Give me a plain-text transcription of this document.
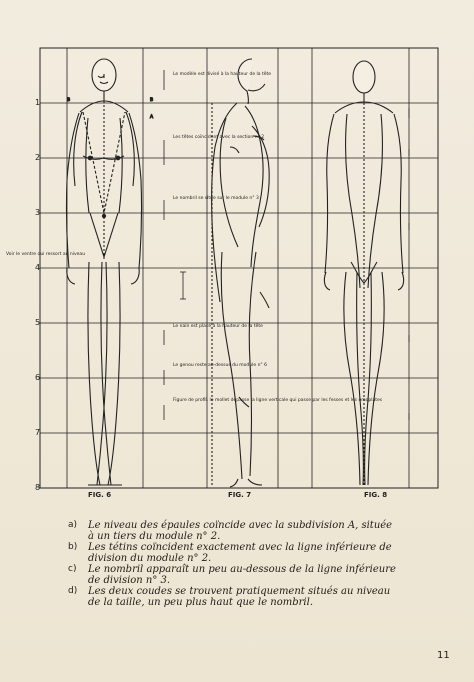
1
2
3
4
5
6
7
8
B	B
A
Le modèle est divisé à la hauteur de la tête
Les têtes coïncident avec la section n° 2
Le nombril se situe sur le module n° 3
Le nain est placé à la hauteur de la tête
Le genou reste au-dessus du module n° 6
Figure de profil, le mollet dépasse la ligne verticale qui passe par les fesses et les omoplates
Voir le ventre qui ressort au niveau
FIG. 6	FIG. 7	FIG. 8
a)	Le niveau des épaules coïncide avec la subdivision A, située à un tiers du module n° 2.
b)	Les tétins coïncident exactement avec la ligne inférieure de division du module n° 2.
c)	Le nombril apparaît un peu au-dessous de la ligne inférieure de division n° 3.
d)	Les deux coudes se trouvent pratiquement situés au niveau de la taille, un peu plus haut que le nombril.
11
